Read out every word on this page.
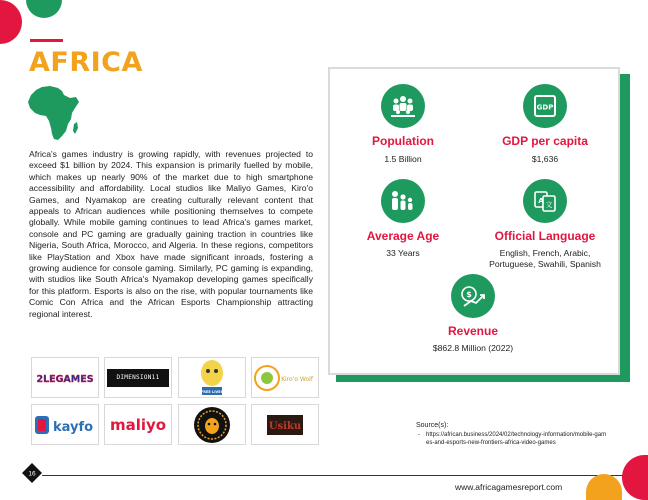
AFRICA
Africa's games industry is growing rapidly, with revenues projected to exceed $1 billion by 2024. This expansion is primarily fuelled by mobile, which makes up nearly 90% of the market due to high smartphone accessibility and affordability. Local studios like Maliyo Games, Kiro'o Games, and Nyamakop are creating culturally relevant content that appeals to African audiences while positioning themselves to compete globally. While mobile gaming continues to lead Africa's games market, console and PC gaming are gradually gaining traction in countries like Nigeria, South Africa, Morocco, and Algeria. In these regions, competitors like PlayStation and Xbox have made significant inroads, fostering a growing audience for console gaming. Similarly, PC gaming is expanding, with studios like South Africa's Nyamakop developing games specifically for this platform. Esports is also on the rise, with popular tournaments like Comic Con Africa and the African Esports Championship attracting regional interest.
2LEGAMES	DIMENSION11
FREE LIVES
Kiro'o Wolf
kayfo maliyo	Usiku
Population
1.5 Billion
GDP
GDP per capita
$1,636
Average Age
33 Years
A 文
Official Language
English, French, Arabic,
Portuguese, Swahili, Spanish
$
Revenue
$862.8 Million (2022)
Source(s):
-	https://african.business/2024/02/technology-information/mobile-games-and-esports-new-frontiers-africa-video-games
16
www.africagamesreport.com
